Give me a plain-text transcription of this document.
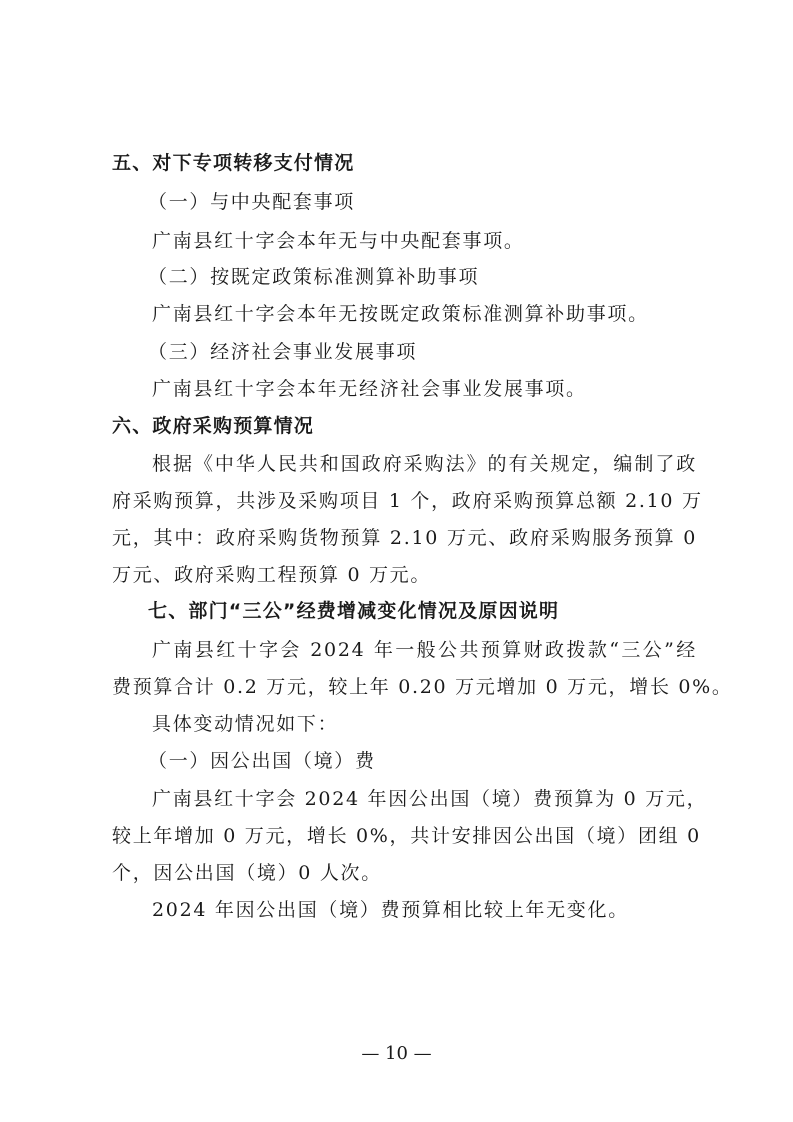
五、对下专项转移支付情况
（一）与中央配套事项
广南县红十字会本年无与中央配套事项。
（二）按既定政策标准测算补助事项
广南县红十字会本年无按既定政策标准测算补助事项。
（三）经济社会事业发展事项
广南县红十字会本年无经济社会事业发展事项。
六、政府采购预算情况
根据《中华人民共和国政府采购法》的有关规定，编制了政
府采购预算，共涉及采购项目 1 个，政府采购预算总额 2.10 万
元，其中：政府采购货物预算 2.10 万元、政府采购服务预算 0
万元、政府采购工程预算 0 万元。
七、部门“三公”经费增减变化情况及原因说明
广南县红十字会 2024 年一般公共预算财政拨款“三公”经
费预算合计 0.2 万元，较上年 0.20 万元增加 0 万元，增长 0%。
具体变动情况如下：
（一）因公出国（境）费
广南县红十字会 2024 年因公出国（境）费预算为 0 万元，
较上年增加 0 万元，增长 0%，共计安排因公出国（境）团组 0
个，因公出国（境）0 人次。
2024 年因公出国（境）费预算相比较上年无变化。
— 10 —
